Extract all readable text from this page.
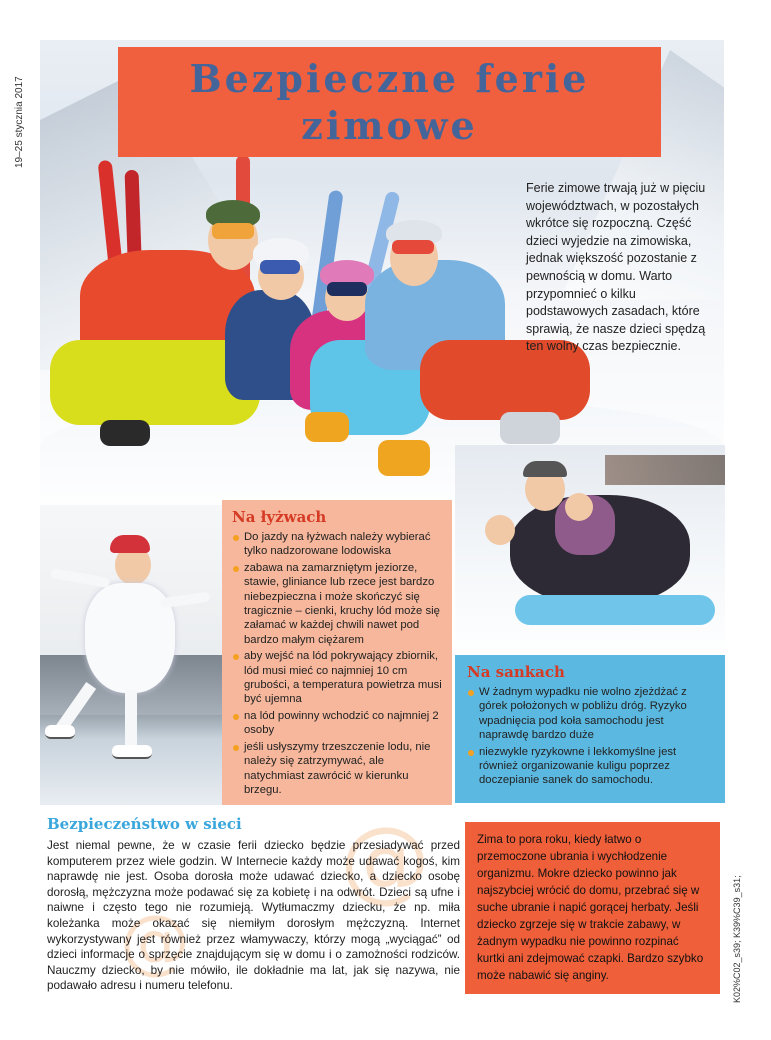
19–25 stycznia 2017
K02%C02_s39; K39%C39_s31;
Bezpieczne ferie
zimowe
Ferie zimowe trwają już w pięciu województwach, w pozostałych wkrótce się rozpoczną. Część dzieci wyjedzie na zimowiska, jednak większość pozostanie z pewnością w domu. Warto przypomnieć o kilku podstawowych zasadach, które sprawią, że nasze dzieci spędzą ten wolny czas bezpiecznie.
Na łyżwach
Do jazdy na łyżwach należy wybierać tylko nadzorowane lodowiska
zabawa na zamarzniętym jeziorze, stawie, gliniance lub rzece jest bardzo niebezpieczna i może skończyć się tragicznie – cienki, kruchy lód może się załamać w każdej chwili nawet pod bardzo małym ciężarem
aby wejść na lód pokrywający zbiornik, lód musi mieć co najmniej 10 cm grubości, a temperatura powietrza musi być ujemna
na lód powinny wchodzić co najmniej 2 osoby
jeśli usłyszymy trzeszczenie lodu, nie należy się zatrzymywać, ale natychmiast zawrócić w kierunku brzegu.
Na sankach
W żadnym wypadku nie wolno zjeżdżać z górek położonych w pobliżu dróg. Ryzyko wpadnięcia pod koła samochodu jest naprawdę bardzo duże
niezwykle ryzykowne i lekkomyślne jest również organizowanie kuligu poprzez doczepianie sanek do samochodu.
@
@
Bezpieczeństwo w sieci
Jest niemal pewne, że w czasie ferii dziecko będzie przesiadywać przed komputerem przez wiele godzin. W Internecie każdy może udawać kogoś, kim naprawdę nie jest. Osoba dorosła może udawać dziecko, a dziecko osobę dorosłą, mężczyzna może podawać się za kobietę i na odwrót. Dzieci są ufne i naiwne i często tego nie rozumieją. Wytłumaczmy dziecku, że np. miła koleżanka może okazać się niemiłym dorosłym mężczyzną. Internet wykorzystywany jest również przez włamywaczy, którzy mogą „wyciągać” od dzieci informacje o sprzęcie znajdującym się w domu i o zamożności rodziców. Nauczmy dziecko, by nie mówiło, ile dokładnie ma lat, jak się nazywa, nie podawało adresu i numeru telefonu.
Zima to pora roku, kiedy łatwo o przemoczone ubrania i wychłodzenie organizmu. Mokre dziecko powinno jak najszybciej wrócić do domu, przebrać się w suche ubranie i napić gorącej herbaty. Jeśli dziecko zgrzeje się w trakcie zabawy, w żadnym wypadku nie powinno rozpinać kurtki ani zdejmować czapki. Bardzo szybko może nabawić się anginy.
